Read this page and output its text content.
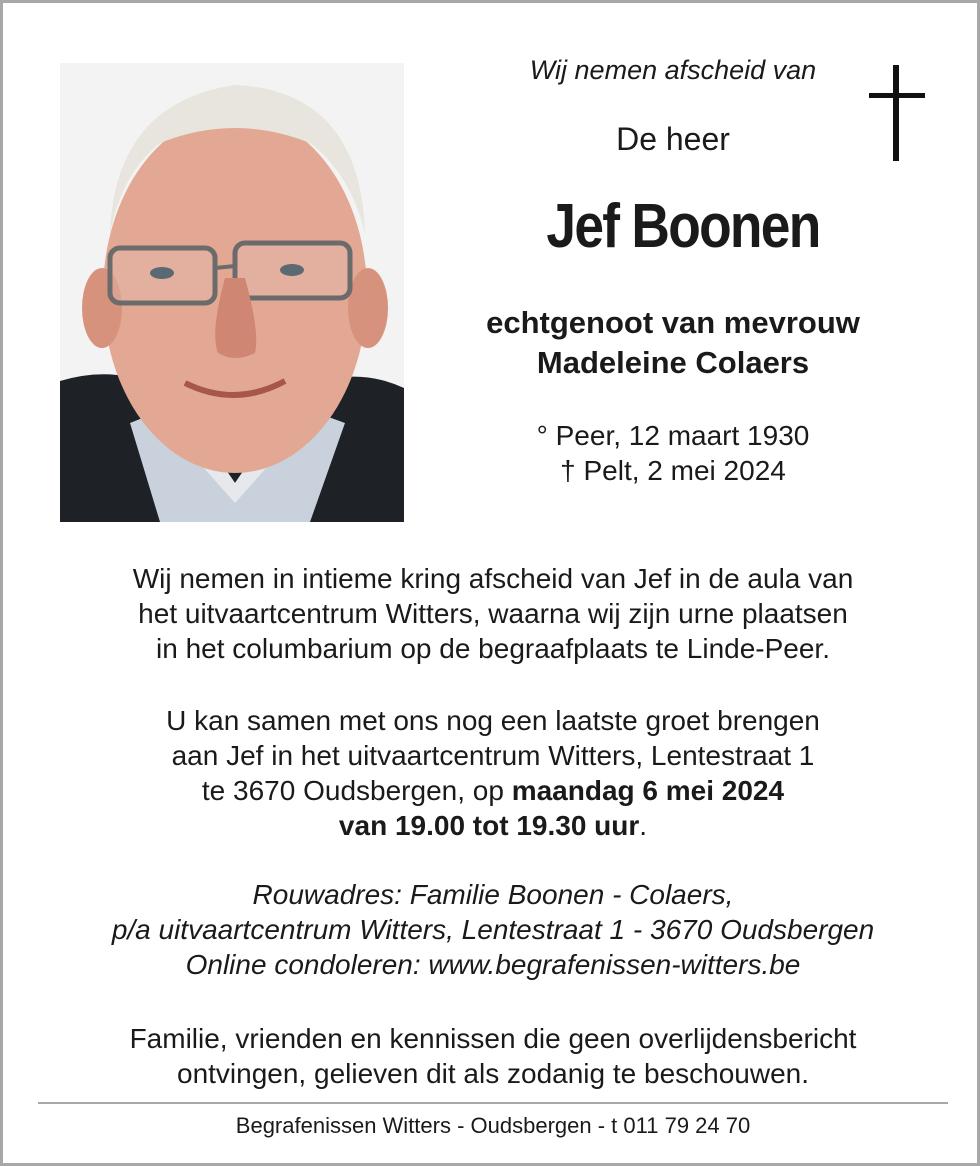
Wij nemen afscheid van
De heer
Jef Boonen
echtgenoot van mevrouw
Madeleine Colaers
° Peer, 12 maart 1930
† Pelt, 2 mei 2024
Wij nemen in intieme kring afscheid van Jef in de aula van
het uitvaartcentrum Witters, waarna wij zijn urne plaatsen
in het columbarium op de begraafplaats te Linde-Peer.
U kan samen met ons nog een laatste groet brengen
aan Jef in het uitvaartcentrum Witters, Lentestraat 1
te 3670 Oudsbergen, op maandag 6 mei 2024
van 19.00 tot 19.30 uur.
Rouwadres: Familie Boonen - Colaers,
p/a uitvaartcentrum Witters, Lentestraat 1 - 3670 Oudsbergen
Online condoleren: www.begrafenissen-witters.be
Familie, vrienden en kennissen die geen overlijdensbericht
ontvingen, gelieven dit als zodanig te beschouwen.
Begrafenissen Witters - Oudsbergen - t 011 79 24 70
